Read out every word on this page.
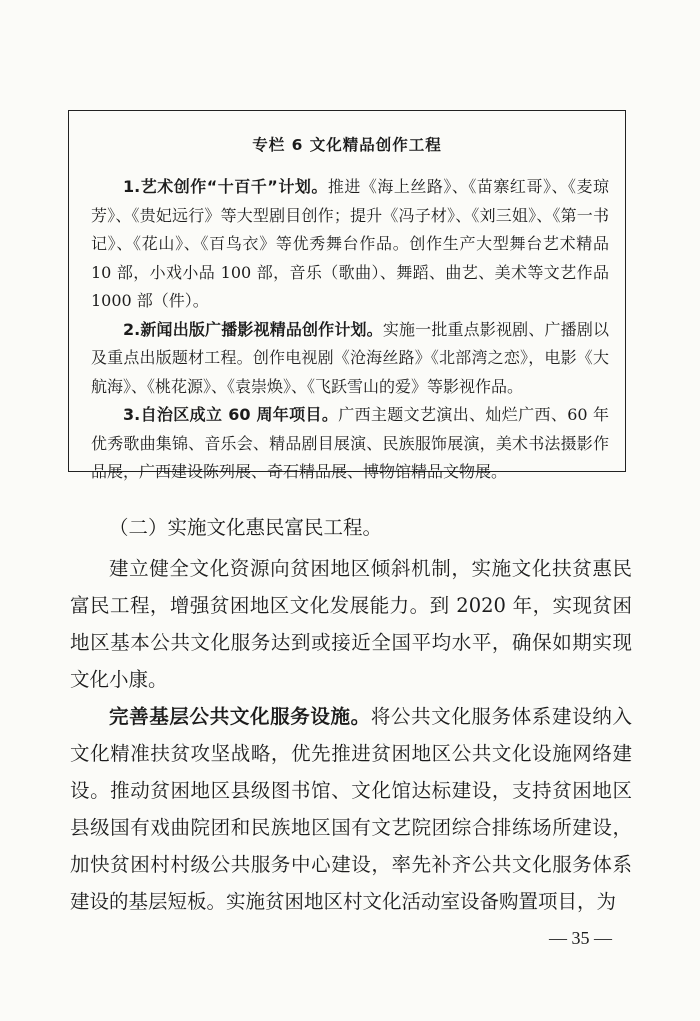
专栏 6 文化精品创作工程

1.艺术创作“十百千”计划。推进《海上丝路》、《苗寨红哥》、《麦琼芳》、《贵妃远行》等大型剧目创作；提升《冯子材》、《刘三姐》、《第一书记》、《花山》、《百鸟衣》等优秀舞台作品。创作生产大型舞台艺术精品 10 部，小戏小品 100 部，音乐（歌曲）、舞蹈、曲艺、美术等文艺作品 1000 部（件）。

2.新闻出版广播影视精品创作计划。实施一批重点影视剧、广播剧以及重点出版题材工程。创作电视剧《沧海丝路》《北部湾之恋》，电影《大航海》、《桃花源》、《袁崇焕》、《飞跃雪山的爱》等影视作品。

3.自治区成立 60 周年项目。广西主题文艺演出、灿烂广西、60 年优秀歌曲集锦、音乐会、精品剧目展演、民族服饰展演，美术书法摄影作品展，广西建设陈列展、奇石精品展、博物馆精品文物展。

（二）实施文化惠民富民工程。

建立健全文化资源向贫困地区倾斜机制，实施文化扶贫惠民富民工程，增强贫困地区文化发展能力。到 2020 年，实现贫困地区基本公共文化服务达到或接近全国平均水平，确保如期实现文化小康。

完善基层公共文化服务设施。将公共文化服务体系建设纳入文化精准扶贫攻坚战略，优先推进贫困地区公共文化设施网络建设。推动贫困地区县级图书馆、文化馆达标建设，支持贫困地区县级国有戏曲院团和民族地区国有文艺院团综合排练场所建设，加快贫困村村级公共服务中心建设，率先补齐公共文化服务体系建设的基层短板。实施贫困地区村文化活动室设备购置项目，为

— 35 —
